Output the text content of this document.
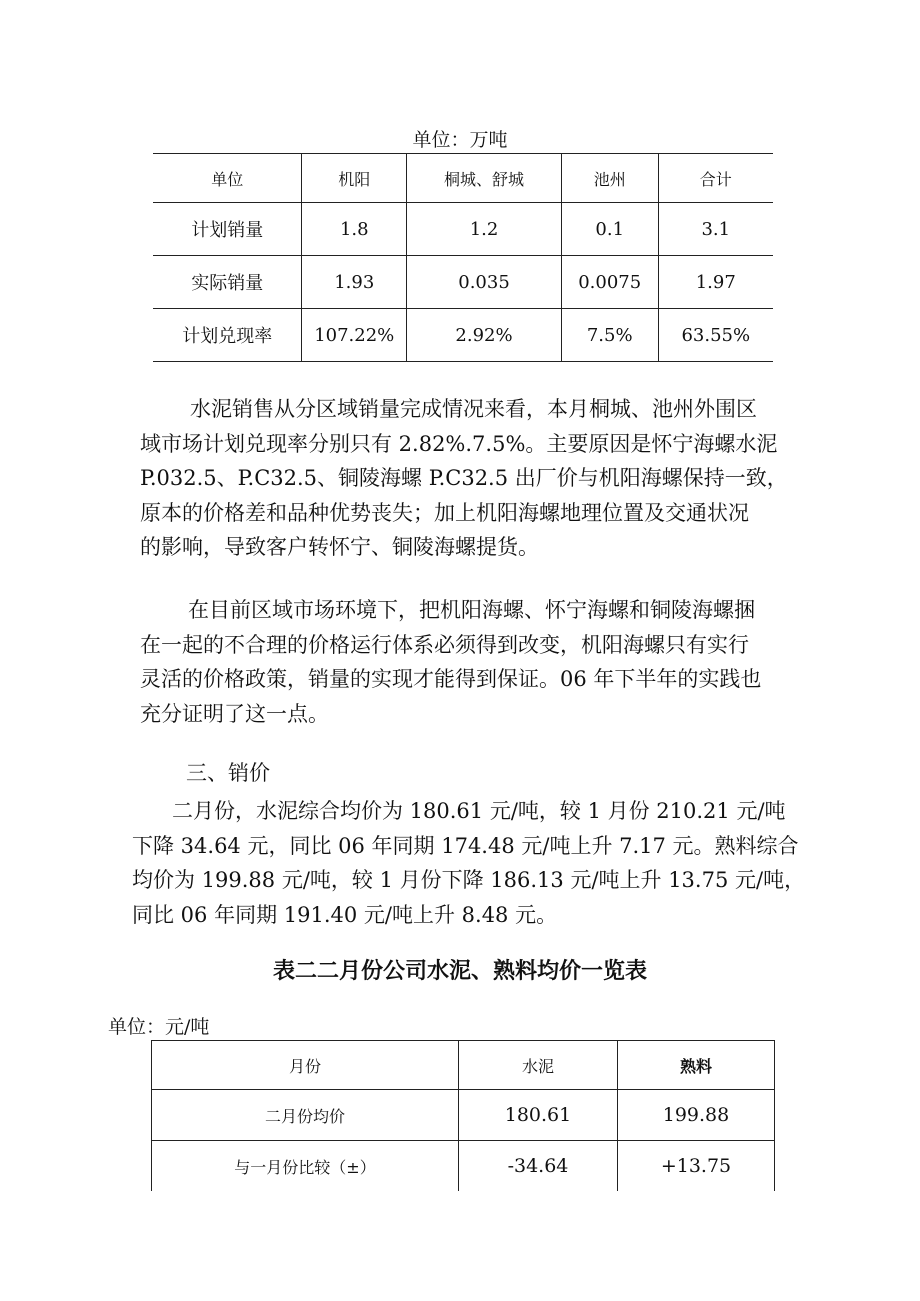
单位：万吨
单位	机阳	桐城、舒城	池州	合计
计划销量	1.8	1.2	0.1	3.1
实际销量	1.93	0.035	0.0075	1.97
计划兑现率	107.22%	2.92%	7.5%	63.55%
水泥销售从分区域销量完成情况来看，本月桐城、池州外围区
域市场计划兑现率分别只有 2.82%.7.5%。主要原因是怀宁海螺水泥
P.032.5、P.C32.5、铜陵海螺 P.C32.5 出厂价与机阳海螺保持一致，
原本的价格差和品种优势丧失；加上机阳海螺地理位置及交通状况
的影响，导致客户转怀宁、铜陵海螺提货。
在目前区域市场环境下，把机阳海螺、怀宁海螺和铜陵海螺捆
在一起的不合理的价格运行体系必须得到改变，机阳海螺只有实行
灵活的价格政策，销量的实现才能得到保证。06 年下半年的实践也
充分证明了这一点。
三、销价
二月份，水泥综合均价为 180.61 元/吨，较 1 月份 210.21 元/吨
下降 34.64 元，同比 06 年同期 174.48 元/吨上升 7.17 元。熟料综合
均价为 199.88 元/吨，较 1 月份下降 186.13 元/吨上升 13.75 元/吨，
同比 06 年同期 191.40 元/吨上升 8.48 元。
表二二月份公司水泥、熟料均价一览表
单位：元/吨
月份	水泥	熟料
二月份均价	180.61	199.88
与一月份比较（±）	-34.64	+13.75
